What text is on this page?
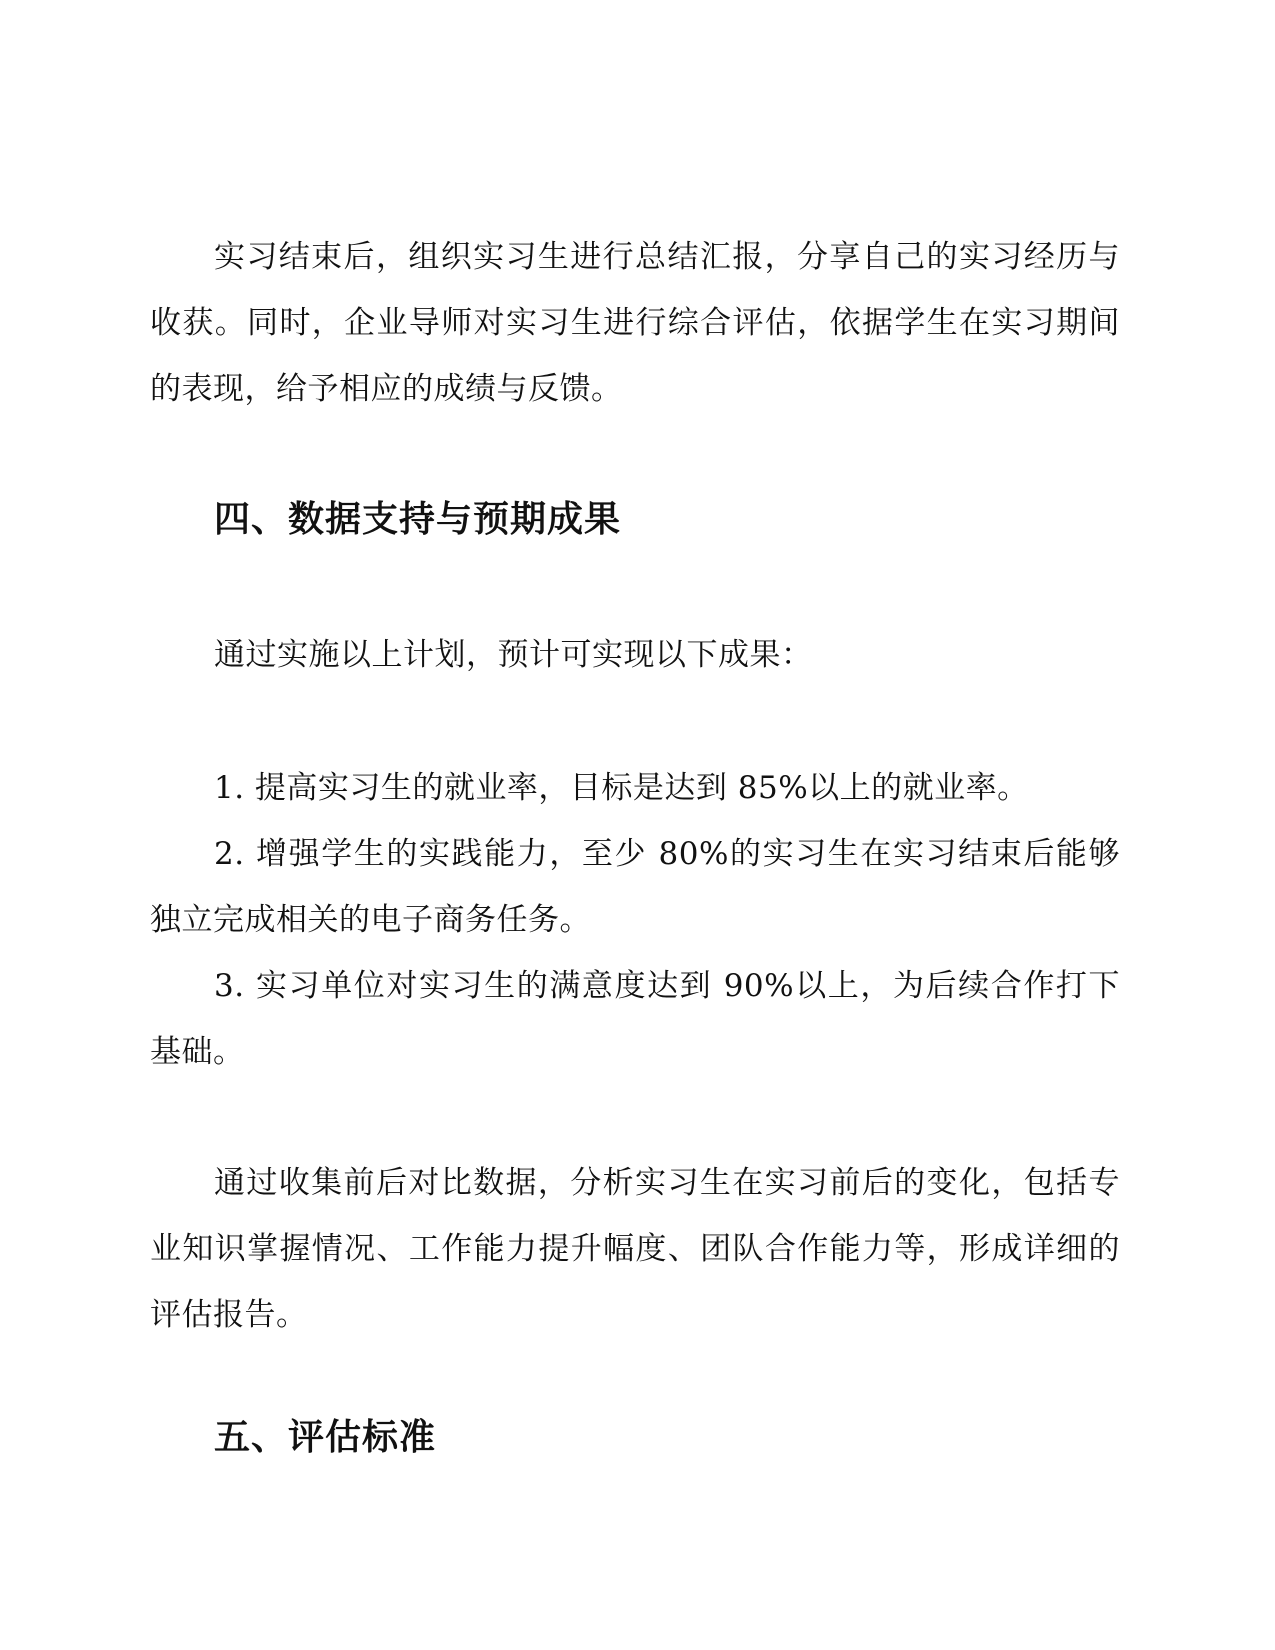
实习结束后，组织实习生进行总结汇报，分享自己的实习经历与收获。同时，企业导师对实习生进行综合评估，依据学生在实习期间的表现，给予相应的成绩与反馈。

四、数据支持与预期成果

通过实施以上计划，预计可实现以下成果：

1. 提高实习生的就业率，目标是达到 85%以上的就业率。

2. 增强学生的实践能力，至少 80%的实习生在实习结束后能够独立完成相关的电子商务任务。

3. 实习单位对实习生的满意度达到 90%以上，为后续合作打下基础。

通过收集前后对比数据，分析实习生在实习前后的变化，包括专业知识掌握情况、工作能力提升幅度、团队合作能力等，形成详细的评估报告。

五、评估标准
